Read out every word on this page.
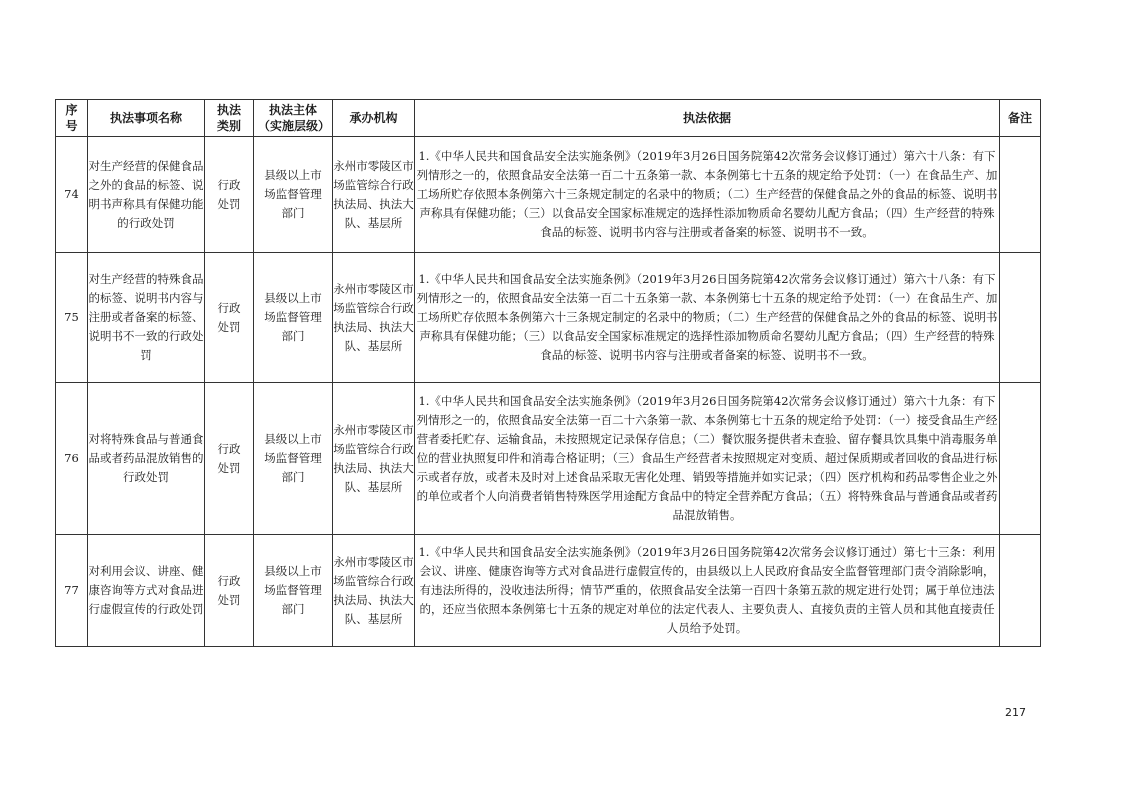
序号	执法事项名称	执法类别	执法主体（实施层级）	承办机构	执法依据	备注
74	对生产经营的保健食品之外的食品的标签、说明书声称具有保健功能的行政处罚	行政处罚	县级以上市场监督管理部门	永州市零陵区市场监管综合行政执法局、执法大队、基层所	1.《中华人民共和国食品安全法实施条例》（2019年3月26日国务院第42次常务会议修订通过）第六十八条：有下列情形之一的，依照食品安全法第一百二十五条第一款、本条例第七十五条的规定给予处罚：（一）在食品生产、加工场所贮存依照本条例第六十三条规定制定的名录中的物质；（二）生产经营的保健食品之外的食品的标签、说明书声称具有保健功能；（三）以食品安全国家标准规定的选择性添加物质命名婴幼儿配方食品；（四）生产经营的特殊食品的标签、说明书内容与注册或者备案的标签、说明书不一致。	
75	对生产经营的特殊食品的标签、说明书内容与注册或者备案的标签、说明书不一致的行政处罚	行政处罚	县级以上市场监督管理部门	永州市零陵区市场监管综合行政执法局、执法大队、基层所	1.《中华人民共和国食品安全法实施条例》（2019年3月26日国务院第42次常务会议修订通过）第六十八条：有下列情形之一的，依照食品安全法第一百二十五条第一款、本条例第七十五条的规定给予处罚：（一）在食品生产、加工场所贮存依照本条例第六十三条规定制定的名录中的物质；（二）生产经营的保健食品之外的食品的标签、说明书声称具有保健功能；（三）以食品安全国家标准规定的选择性添加物质命名婴幼儿配方食品；（四）生产经营的特殊食品的标签、说明书内容与注册或者备案的标签、说明书不一致。	
76	对将特殊食品与普通食品或者药品混放销售的行政处罚	行政处罚	县级以上市场监督管理部门	永州市零陵区市场监管综合行政执法局、执法大队、基层所	1.《中华人民共和国食品安全法实施条例》（2019年3月26日国务院第42次常务会议修订通过）第六十九条：有下列情形之一的，依照食品安全法第一百二十六条第一款、本条例第七十五条的规定给予处罚：（一）接受食品生产经营者委托贮存、运输食品，未按照规定记录保存信息；（二）餐饮服务提供者未查验、留存餐具饮具集中消毒服务单位的营业执照复印件和消毒合格证明；（三）食品生产经营者未按照规定对变质、超过保质期或者回收的食品进行标示或者存放，或者未及时对上述食品采取无害化处理、销毁等措施并如实记录；（四）医疗机构和药品零售企业之外的单位或者个人向消费者销售特殊医学用途配方食品中的特定全营养配方食品；（五）将特殊食品与普通食品或者药品混放销售。	
77	对利用会议、讲座、健康咨询等方式对食品进行虚假宣传的行政处罚	行政处罚	县级以上市场监督管理部门	永州市零陵区市场监管综合行政执法局、执法大队、基层所	1.《中华人民共和国食品安全法实施条例》（2019年3月26日国务院第42次常务会议修订通过）第七十三条：利用会议、讲座、健康咨询等方式对食品进行虚假宣传的，由县级以上人民政府食品安全监督管理部门责令消除影响，有违法所得的，没收违法所得；情节严重的，依照食品安全法第一百四十条第五款的规定进行处罚；属于单位违法的，还应当依照本条例第七十五条的规定对单位的法定代表人、主要负责人、直接负责的主管人员和其他直接责任人员给予处罚。	
217
